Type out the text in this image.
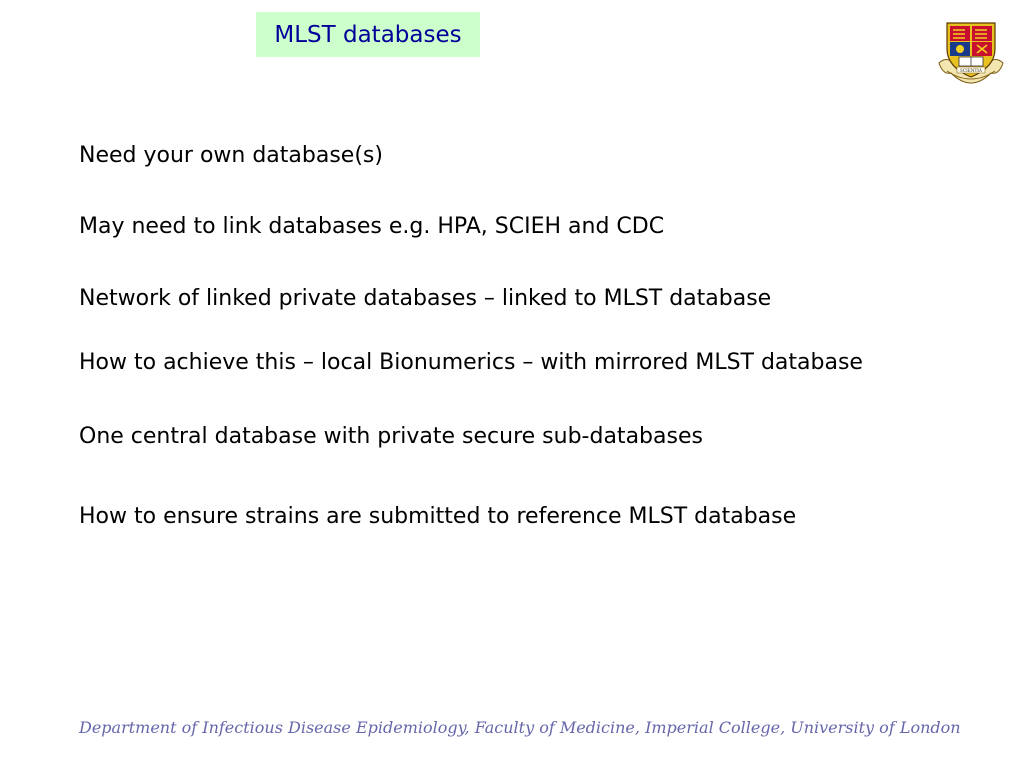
MLST databases
SCIENTIA
Need your own database(s)
May need to link databases e.g. HPA, SCIEH and CDC
Network of linked private databases – linked to MLST database
How to achieve this – local Bionumerics – with mirrored MLST database
One central database with private secure sub-databases
How to ensure strains are submitted to reference MLST database
Department of Infectious Disease Epidemiology, Faculty of Medicine, Imperial College, University of London
